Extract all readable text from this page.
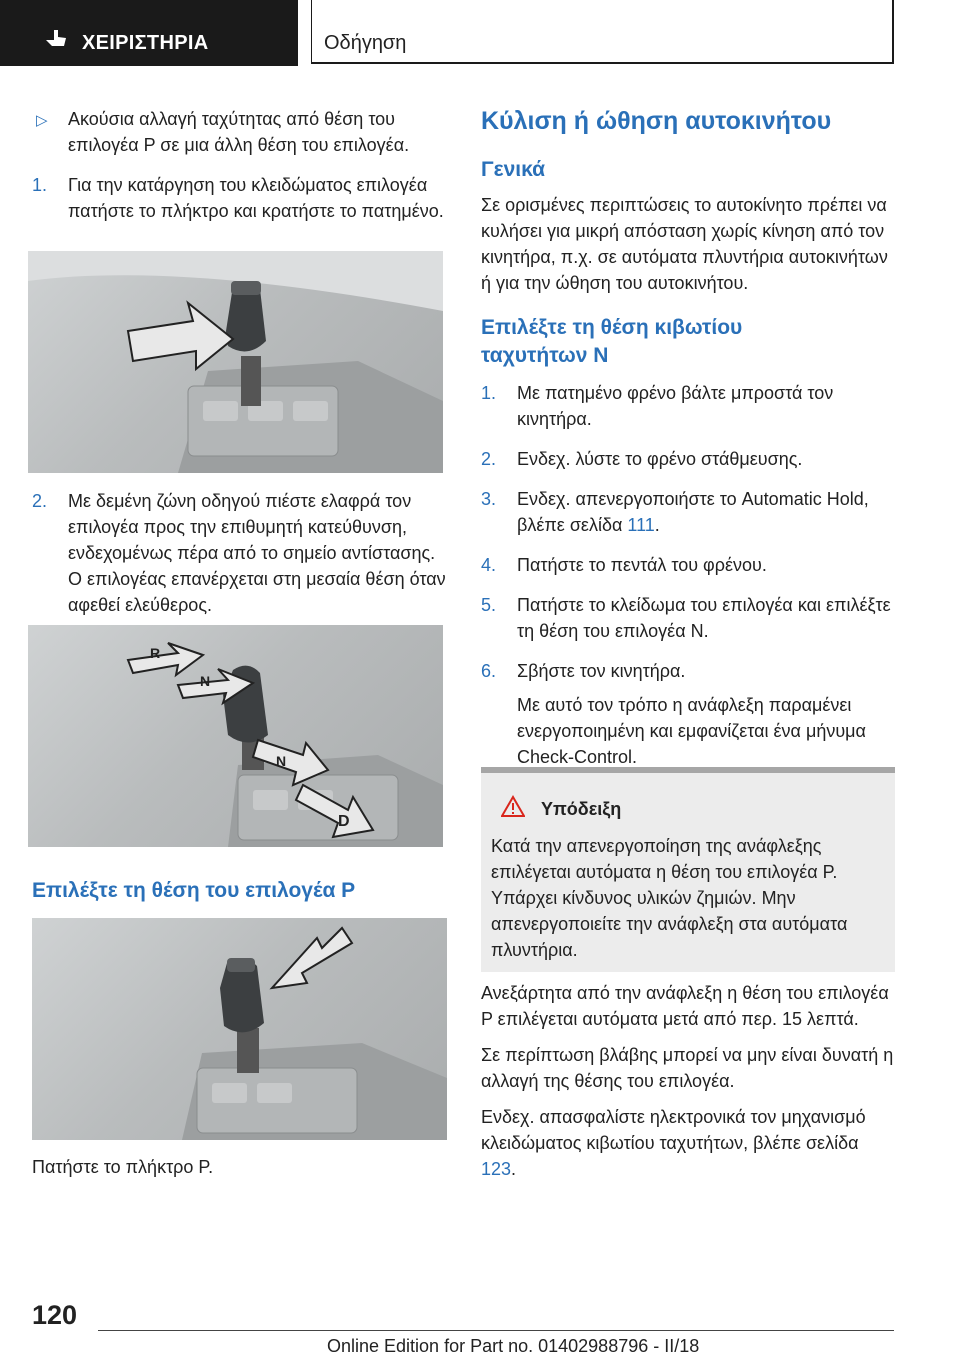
ΧΕΙΡΙΣΤΗΡΙΑ	Οδήγηση

▷ Ακούσια αλλαγή ταχύτητας από θέση του επιλογέα P σε μια άλλη θέση του επιλογέα.

1. Για την κατάργηση του κλειδώματος επιλογέα πατήστε το πλήκτρο και κρατήστε το πατημένο.

2. Με δεμένη ζώνη οδηγού πιέστε ελαφρά τον επιλογέα προς την επιθυμητή κατεύθυνση, ενδεχομένως πέρα από το σημείο αντίστασης. Ο επιλογέας επανέρχεται στη μεσαία θέση όταν αφεθεί ελεύθερος.

R
N
N
D
Επιλέξτε τη θέση του επιλογέα P

Πατήστε το πλήκτρο P.

Κύλιση ή ώθηση αυτοκινήτου
Γενικά

Σε ορισμένες περιπτώσεις το αυτοκίνητο πρέπει να κυλήσει για μικρή απόσταση χωρίς κίνηση από τον κινητήρα, π.χ. σε αυτόματα πλυντήρια αυτοκινήτων ή για την ώθηση του αυτοκινήτου.

Επιλέξτε τη θέση κιβωτίου ταχυτήτων N

1. Με πατημένο φρένο βάλτε μπροστά τον κινητήρα.

2. Ενδεχ. λύστε το φρένο στάθμευσης.

3. Ενδεχ. απενεργοποιήστε το Automatic Hold, βλέπε σελίδα 111.

4. Πατήστε το πεντάλ του φρένου.

5. Πατήστε το κλείδωμα του επιλογέα και επιλέξτε τη θέση του επιλογέα N.

6. Σβήστε τον κινητήρα.

Με αυτό τον τρόπο η ανάφλεξη παραμένει ενεργοποιημένη και εμφανίζεται ένα μήνυμα Check-Control.

Υπόδειξη
Κατά την απενεργοποίηση της ανάφλεξης επιλέγεται αυτόματα η θέση του επιλογέα P. Υπάρχει κίνδυνος υλικών ζημιών. Μην απενεργοποιείτε την ανάφλεξη στα αυτόματα πλυντήρια.

Ανεξάρτητα από την ανάφλεξη η θέση του επιλογέα P επιλέγεται αυτόματα μετά από περ. 15 λεπτά.

Σε περίπτωση βλάβης μπορεί να μην είναι δυνατή η αλλαγή της θέσης του επιλογέα.

Ενδεχ. απασφαλίστε ηλεκτρονικά τον μηχανισμό κλειδώματος κιβωτίου ταχυτήτων, βλέπε σελίδα 123.

120
Online Edition for Part no. 01402988796 - II/18
